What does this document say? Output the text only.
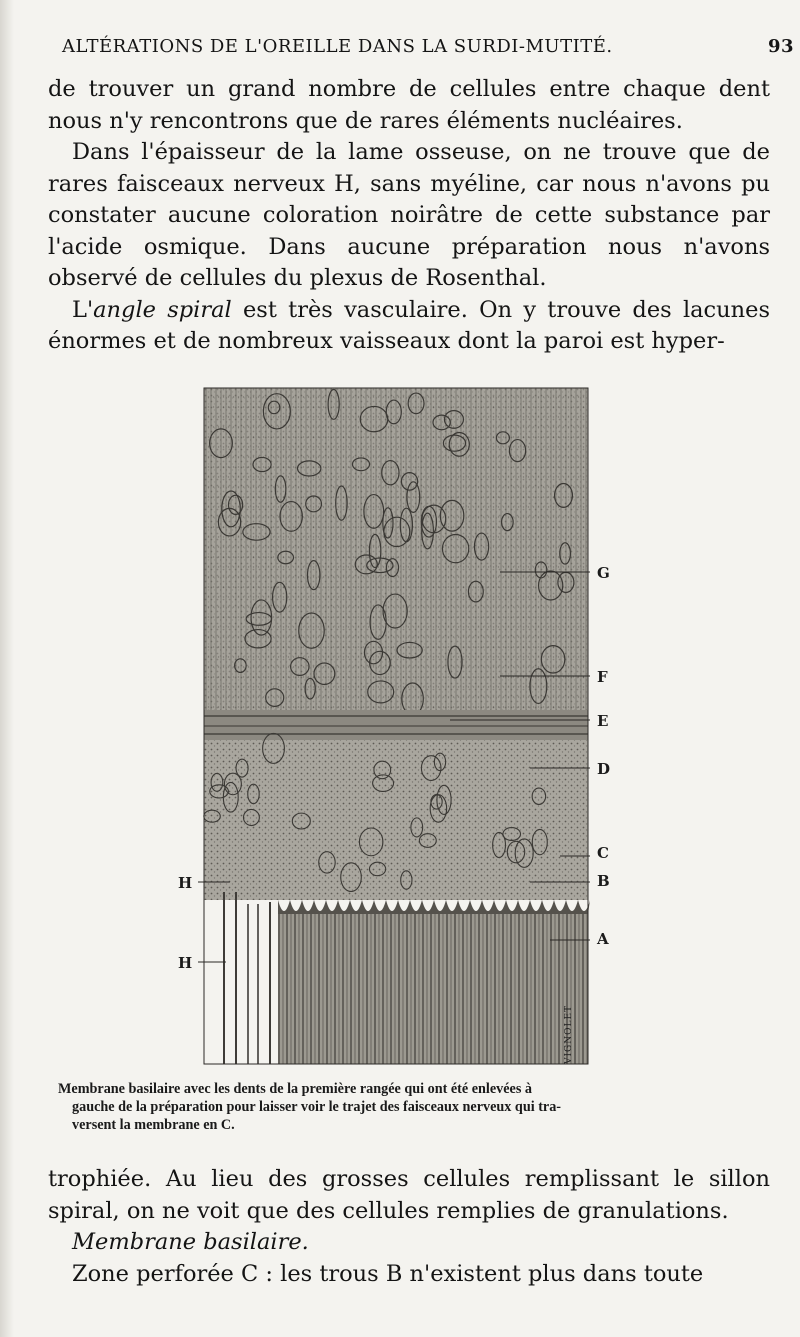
ALTÉRATIONS DE L'OREILLE DANS LA SURDI-MUTITÉ.	93

de trouver un grand nombre de cellules entre chaque dent nous n'y rencontrons que de rares éléments nucléaires.

Dans l'épaisseur de la lame osseuse, on ne trouve que de rares faisceaux nerveux H, sans myéline, car nous n'avons pu constater aucune coloration noirâtre de cette substance par l'acide osmique. Dans aucune préparation nous n'avons observé de cellules du plexus de Rosenthal.

L'angle spiral est très vasculaire. On y trouve des lacunes énormes et de nombreux vaisseaux dont la paroi est hyper-

G
F
E
D
C
B
A
H
H
VIGNOLET
Membrane basilaire avec les dents de la première rangée qui ont été enlevées à
gauche de la préparation pour laisser voir le trajet des faisceaux nerveux qui tra-
versent la membrane en C.

trophiée. Au lieu des grosses cellules remplissant le sillon spiral, on ne voit que des cellules remplies de granulations.

Membrane basilaire.

Zone perforée C : les trous B n'existent plus dans toute
